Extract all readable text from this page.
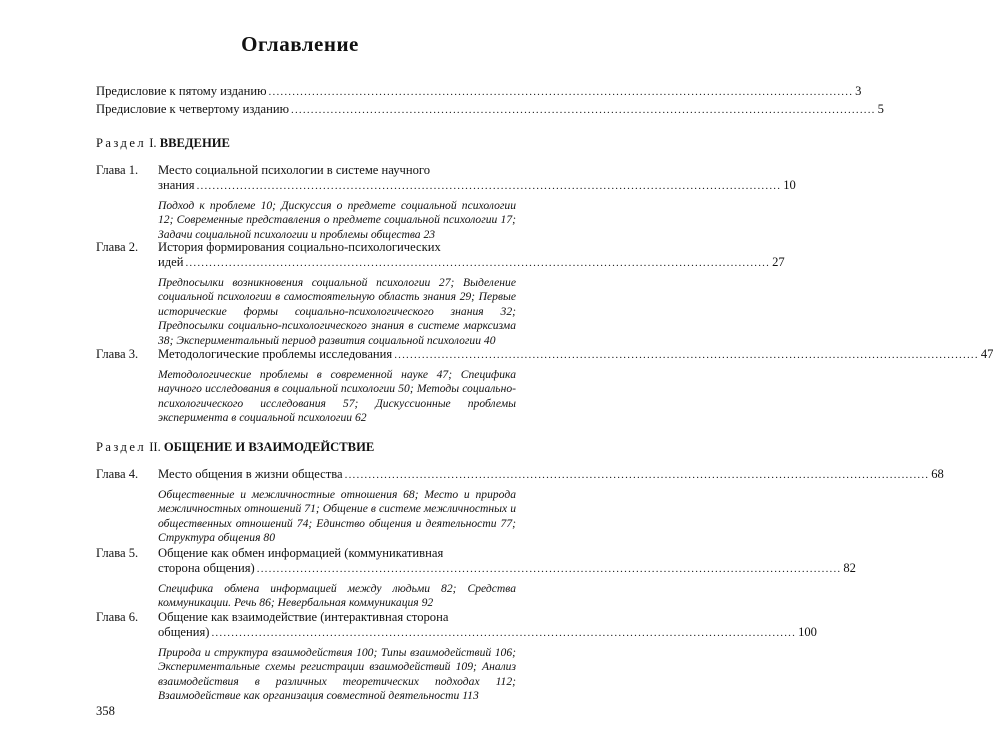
Оглавление
Предисловие к пятому изданию .................................................................................................................................................... 3
Предисловие к четвертому изданию .................................................................................................................................................... 5
Раздел I. ВВЕДЕНИЕ
Глава 1. Место социальной психологии в системе научного
знания .................................................................................................................................................... 10
Подход к проблеме 10; Дискуссия о предмете социальной психологии 12; Современные представления о предмете социальной психологии 17; Задачи социальной психологии и проблемы общества 23
Глава 2. История формирования социально-психологических
идей .................................................................................................................................................... 27
Предпосылки возникновения социальной психологии 27; Выделение социальной психологии в самостоятельную область знания 29; Первые исторические формы социально-психологического знания 32; Предпосылки социально-психологического знания в системе марксизма 38; Экспериментальный период развития социальной психологии 40
Глава 3. Методологические проблемы исследования .................................................................................................................................................... 47
Методологические проблемы в современной науке 47; Специфика научного исследования в социальной психологии 50; Методы социально-психологического исследования 57; Дискуссионные проблемы эксперимента в социальной психологии 62
Раздел II. ОБЩЕНИЕ И ВЗАИМОДЕЙСТВИЕ
Глава 4. Место общения в жизни общества .................................................................................................................................................... 68
Общественные и межличностные отношения 68; Место и природа межличностных отношений 71; Общение в системе межличностных и общественных отношений 74; Единство общения и деятельности 77; Структура общения 80
Глава 5. Общение как обмен информацией (коммуникативная
сторона общения) .................................................................................................................................................... 82
Специфика обмена информацией между людьми 82; Средства коммуникации. Речь 86; Невербальная коммуникация 92
Глава 6. Общение как взаимодействие (интерактивная сторона
общения) .................................................................................................................................................... 100
Природа и структура взаимодействия 100; Типы взаимодействий 106; Экспериментальные схемы регистрации взаимодействий 109; Анализ взаимодействия в различных теоретических подходах 112; Взаимодействие как организация совместной деятельности 113
358
